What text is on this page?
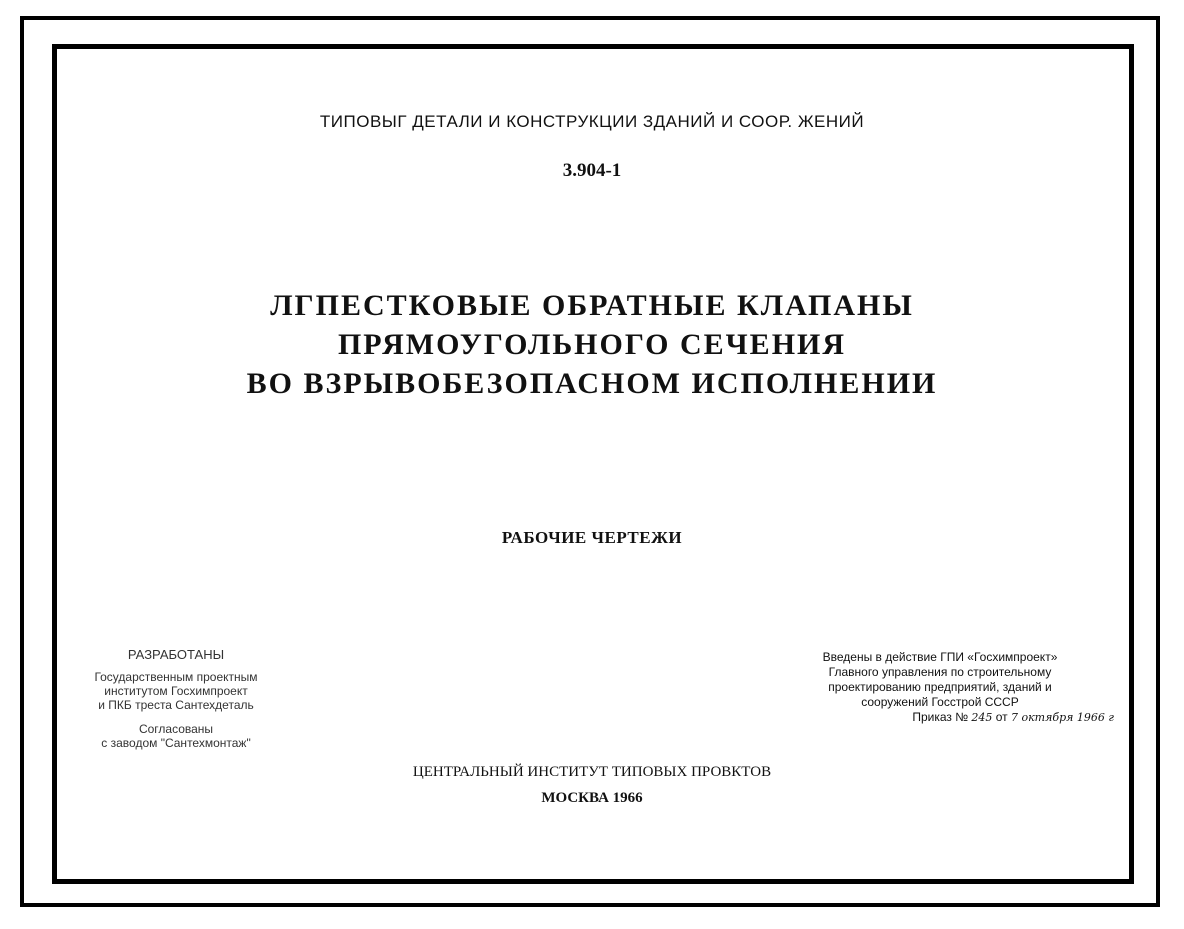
ТИПОВЫГ ДЕТАЛИ И КОНСТРУКЦИИ ЗДАНИЙ И СООР. ЖЕНИЙ
3.904-1
ЛГПЕСТКОВЫЕ ОБРАТНЫЕ КЛАПАНЫ
ПРЯМОУГОЛЬНОГО СЕЧЕНИЯ
ВО ВЗРЫВОБЕЗОПАСНОМ ИСПОЛНЕНИИ
РАБОЧИЕ ЧЕРТЕЖИ
РАЗРАБОТАНЫ
Государственным проектным
институтом Госхимпроект
и ПКБ треста Сантехдеталь
Согласованы
с заводом "Сантехмонтаж"
Введены в действие ГПИ «Госхимпроект»
Главного управления по строительному
проектированию предприятий, зданий и
сооружений Госстрой СССР
Приказ № 245 от 7 октября 1966 г
ЦЕНТРАЛЬНЫЙ ИНСТИТУТ ТИПОВЫХ ПРОВКТОВ
МОСКВА 1966
